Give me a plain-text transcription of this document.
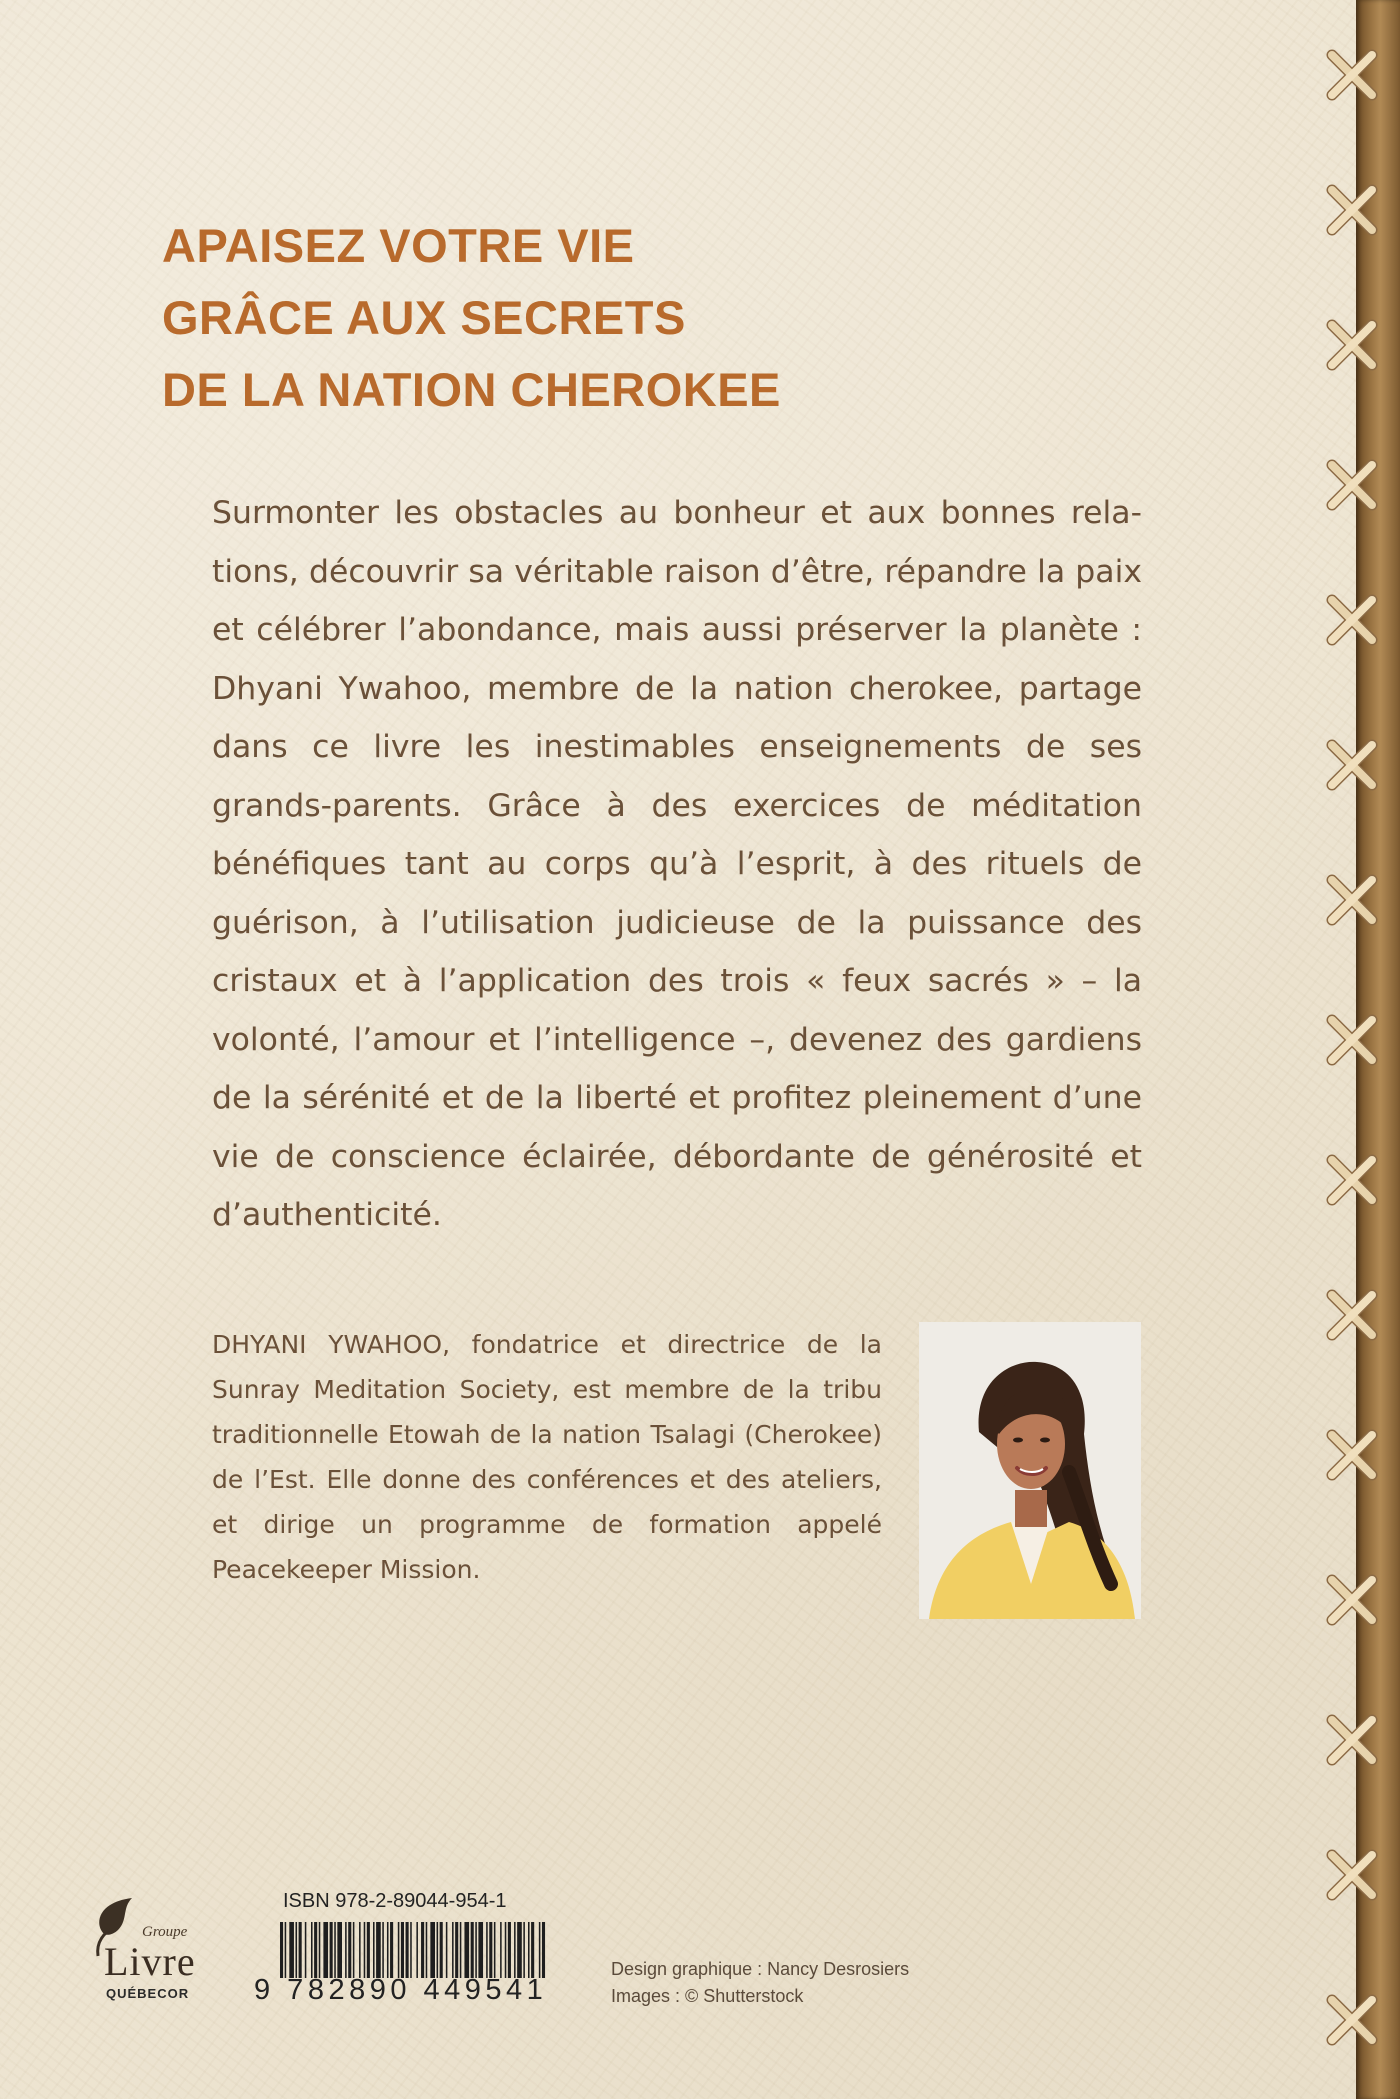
APAISEZ VOTRE VIE
GRÂCE AUX SECRETS
DE LA NATION CHEROKEE

Surmonter les obstacles au bonheur et aux bonnes relations, découvrir sa véritable raison d’être, répandre la paix et célébrer l’abondance, mais aussi préserver la planète : Dhyani Ywahoo, membre de la nation cherokee, partage dans ce livre les inestimables enseignements de ses grands-parents. Grâce à des exercices de méditation bénéfiques tant au corps qu’à l’esprit, à des rituels de guérison, à l’utilisation judicieuse de la puissance des cristaux et à l’application des trois « feux sacrés » – la volonté, l’amour et l’intelligence –, devenez des gardiens de la sérénité et de la liberté et profitez pleinement d’une vie de conscience éclairée, débordante de générosité et d’authenticité.

DHYANI YWAHOO, fondatrice et directrice de la Sunray Meditation Society, est membre de la tribu traditionnelle Etowah de la nation Tsalagi (Cherokee) de l’Est. Elle donne des conférences et des ateliers, et dirige un programme de formation appelé Peacekeeper Mission.

Groupe
Livre
QUÉBECOR
ISBN 978-2-89044-954-1
9 782890 449541
Design graphique : Nancy Desrosiers
Images : © Shutterstock
